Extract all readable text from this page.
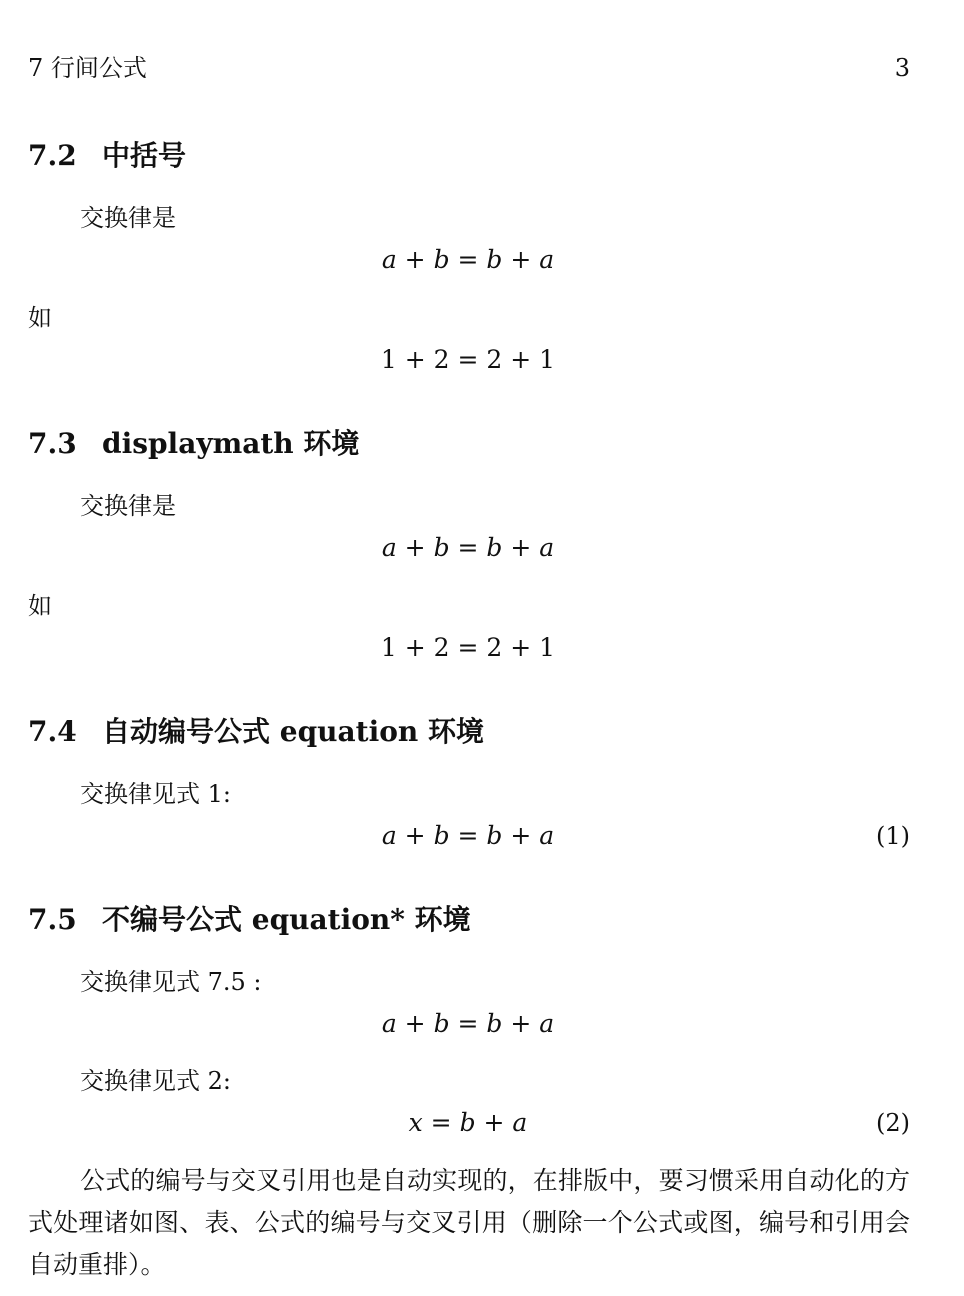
7 行间公式	3
7.2 中括号
交换律是
a + b = b + a
如
1 + 2 = 2 + 1
7.3 displaymath 环境
交换律是
a + b = b + a
如
1 + 2 = 2 + 1
7.4 自动编号公式 equation 环境
交换律见式 1:
a + b = b + a	(1)
7.5 不编号公式 equation* 环境
交换律见式 7.5 :
a + b = b + a
交换律见式 2:
x = b + a	(2)
公式的编号与交叉引用也是自动实现的，在排版中，要习惯采用自动化的方式处理诸如图、表、公式的编号与交叉引用（删除一个公式或图，编号和引用会自动重排）。
